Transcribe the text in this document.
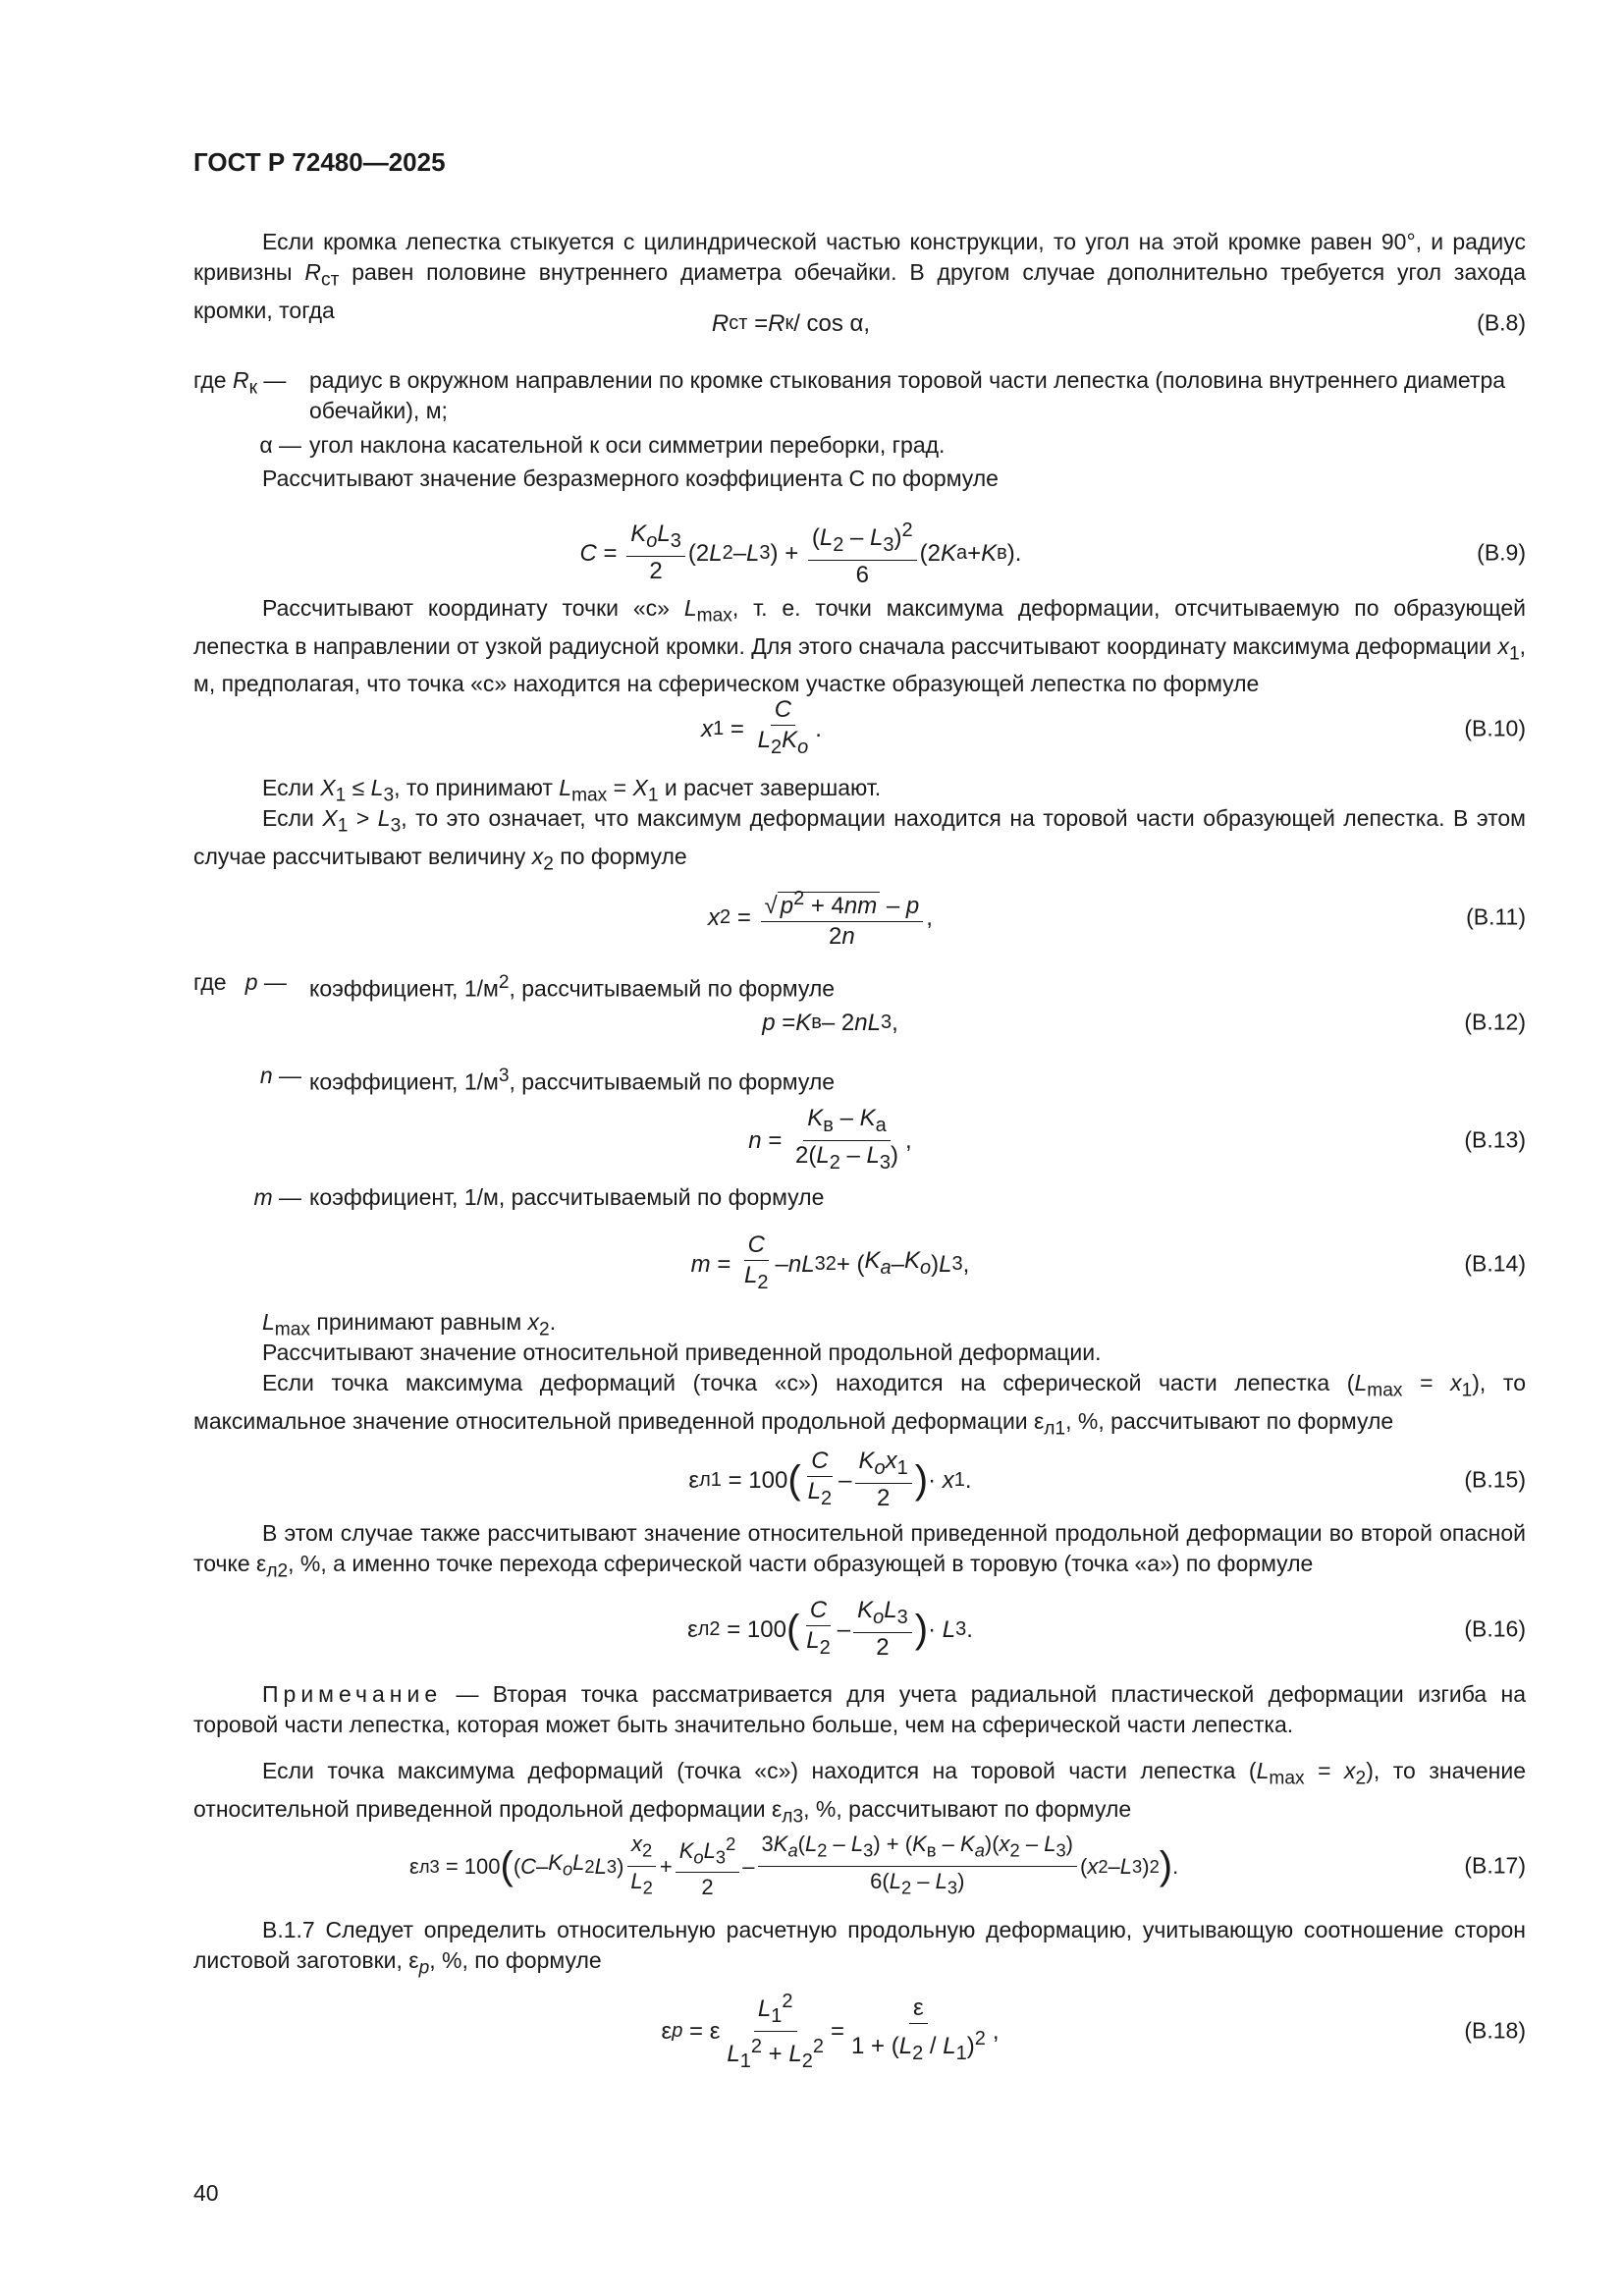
ГОСТ Р 72480—2025
Если кромка лепестка стыкуется с цилиндрической частью конструкции, то угол на этой кромке равен 90°, и радиус кривизны $R_{ст}$ равен половине внутреннего диаметра обечайки. В другом случае дополнительно требуется угол захода кромки, тогда	R ст = R к / cos α,	(В.8)
где $R_к$ —	радиус в окружном направлении по кромке стыкования торовой части лепестка (половина внутреннего диаметра обечайки), м;
α — угол наклона касательной к оси симметрии переборки, град.
Рассчитывают значение безразмерного коэффициента С по формуле
C =
$K_oL_3$
2
(2 L 2 – L 3 ) +
$(L_2 - L_3)^2$
6
(2 K а + K в ).	(В.9)
Рассчитывают координату точки «с» $L_{max}$, т. е. точки максимума деформации, отсчитываемую по образующей лепестка в направлении от узкой радиусной кромки. Для этого сначала рассчитывают координату максимума деформации $x_1$, м, предполагая, что точка «с» находится на сферическом участке образующей лепестка по формуле
x 1 =
C
$L_2K_o$
.	(В.10)
Если $X_1 \le L_3$, то принимают $L_{max} = X_1$ и расчет завершают.
Если $X_1 > L_3$, то это означает, что максимум деформации находится на торовой части образующей лепестка. В этом случае рассчитывают величину $x_2$ по формуле
x 2 = √ $p^2 + 4nm - p$
2n
,	(В.11)
где   p —	коэффициент, $1/м^2$, рассчитываемый по формуле
p = K в – 2 nL 3 ,	(В.12)
n — коэффициент, $1/м^3$, рассчитываемый по формуле
n =
$K_в - K_а$
$2(L_2 - L_3)$
,	(В.13)
m — коэффициент, 1/м, рассчитываемый по формуле
m =
C
$L_2$
– nL 3 2 + ( $K_a - K_o$ ) L 3 ,	(В.14)
$L_{max}$ принимают равным $x_2$.
Рассчитывают значение относительной приведенной продольной деформации.
Если точка максимума деформаций (точка «с») находится на сферической части лепестка $(L_{max} = x_1)$, то максимальное значение относительной приведенной продольной деформации $\varepsilon_{л1}$, %, рассчитывают по формуле
ε л1 = 100 ( C
$L_2$
–
$K_ox_1$
2 ) · x 1 .	(В.15)
В этом случае также рассчитывают значение относительной приведенной продольной деформации во второй опасной точке $\varepsilon_{л2}$, %, а именно точке перехода сферической части образующей в торовую (точка «а») по формуле
ε л2 = 100 ( C
$L_2$
–
$K_oL_3$
2 ) · L 3 .	(В.16)
Примечание — Вторая точка рассматривается для учета радиальной пластической деформации изгиба на торовой части лепестка, которая может быть значительно больше, чем на сферической части лепестка.
Если точка максимума деформаций (точка «с») находится на торовой части лепестка $(L_{max} = x_2)$, то значение относительной приведенной продольной деформации $\varepsilon_{л3}$, %, рассчитывают по формуле
ε л3 = 100 ( ( C – $K_oL$ 2 L 3 )
$x_2$
$L_2$
+
$K_oL_3^2$
2
–
$3K_a(L_2 - L_3) + (K_в - K_a)(x_2 - L_3)$
$6(L_2 - L_3)$
( x 2 – L 3 ) 2 ) .	(В.17)
В.1.7 Следует определить относительную расчетную продольную деформацию, учитывающую соотношение сторон листовой заготовки, $\varepsilon_p$, %, по формуле
ε p = ε
$L_1^2$
$L_1^2 + L_2^2$
=
ε
$1 + (L_2 / L_1)^2$ ,	(В.18)
40
